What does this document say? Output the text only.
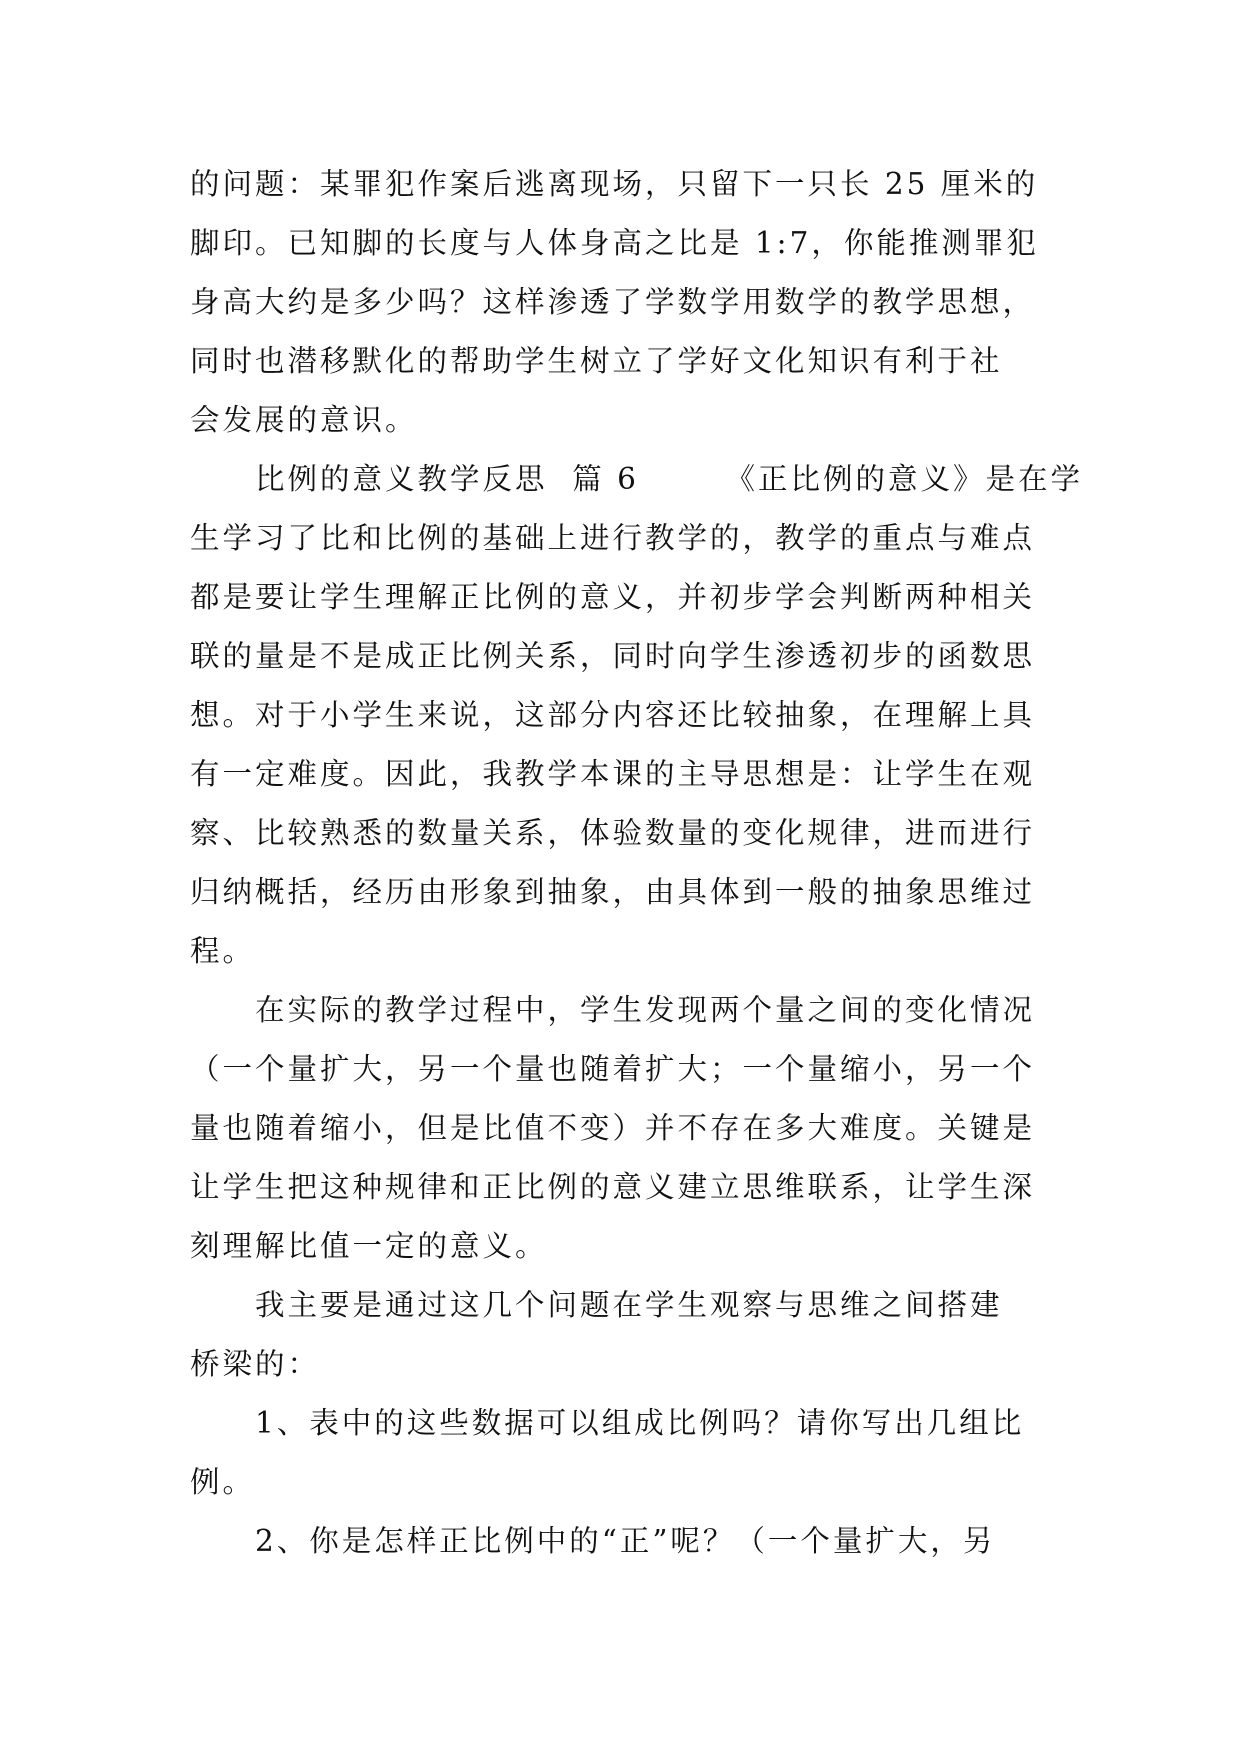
的问题：某罪犯作案后逃离现场，只留下一只长 25 厘米的
脚印。已知脚的长度与人体身高之比是 1:7，你能推测罪犯
身高大约是多少吗？这样渗透了学数学用数学的教学思想，
同时也潜移默化的帮助学生树立了学好文化知识有利于社
会发展的意识。
比例的意义教学反思  篇 6       《正比例的意义》是在学
生学习了比和比例的基础上进行教学的，教学的重点与难点
都是要让学生理解正比例的意义，并初步学会判断两种相关
联的量是不是成正比例关系，同时向学生渗透初步的函数思
想。对于小学生来说，这部分内容还比较抽象，在理解上具
有一定难度。因此，我教学本课的主导思想是：让学生在观
察、比较熟悉的数量关系，体验数量的变化规律，进而进行
归纳概括，经历由形象到抽象，由具体到一般的抽象思维过
程。
在实际的教学过程中，学生发现两个量之间的变化情况
（一个量扩大，另一个量也随着扩大；一个量缩小，另一个
量也随着缩小，但是比值不变）并不存在多大难度。关键是
让学生把这种规律和正比例的意义建立思维联系，让学生深
刻理解比值一定的意义。
我主要是通过这几个问题在学生观察与思维之间搭建
桥梁的：
1、表中的这些数据可以组成比例吗？请你写出几组比
例。
2、你是怎样正比例中的“正”呢？（一个量扩大，另
